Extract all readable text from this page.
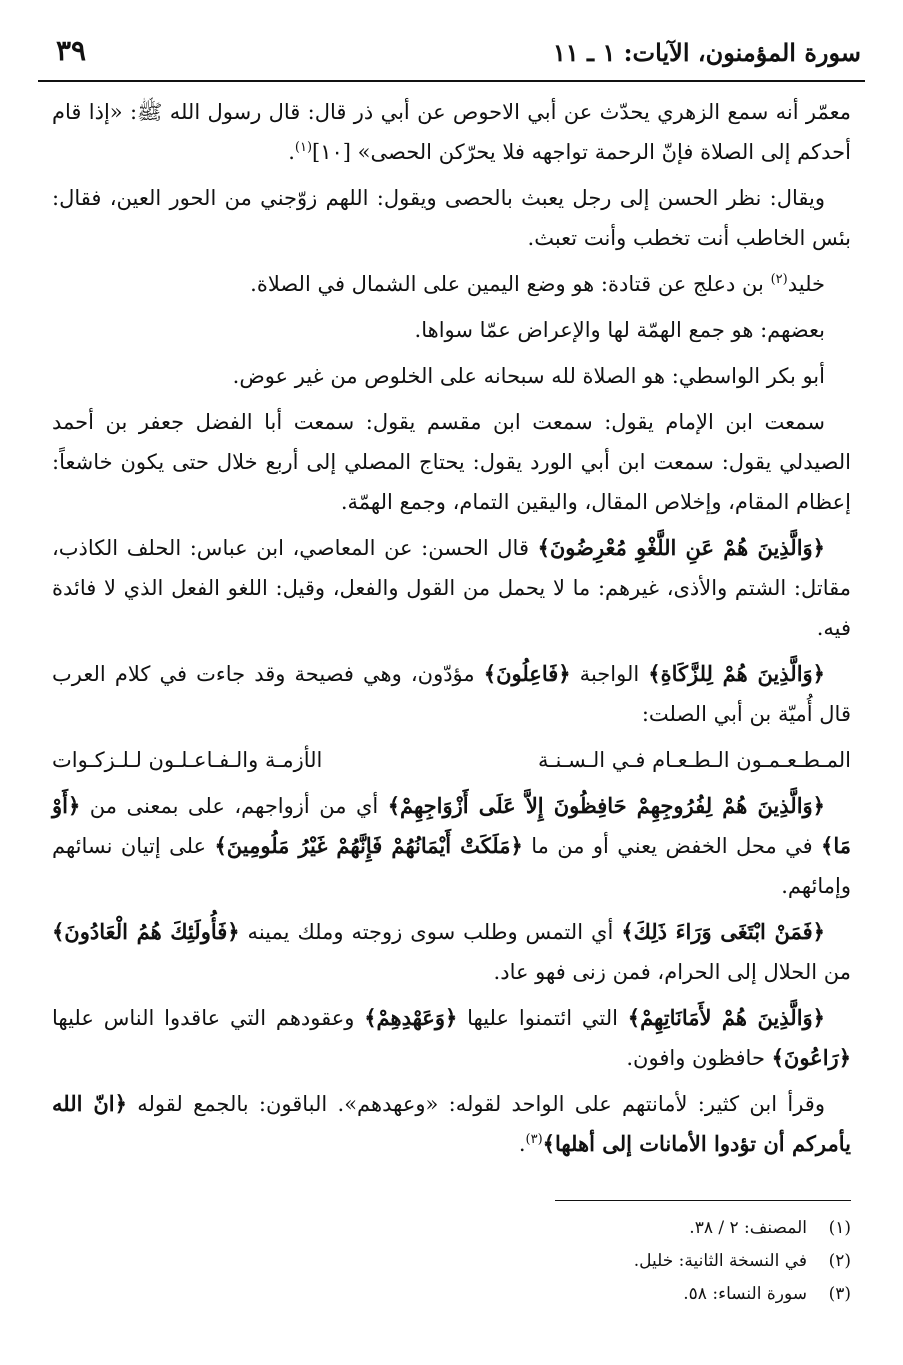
سورة المؤمنون، الآيات: ١ ـ ١١
٣٩

معمّر أنه سمع الزهري يحدّث عن أبي الاحوص عن أبي ذر قال: قال رسول الله ﷺ: «إذا قام أحدكم إلى الصلاة فإنّ الرحمة تواجهه فلا يحرّكن الحصى» [١٠]$^{(١)}$.

ويقال: نظر الحسن إلى رجل يعبث بالحصى ويقول: اللهم زوّجني من الحور العين، فقال: بئس الخاطب أنت تخطب وأنت تعبث.

خليد$^{(٢)}$ بن دعلج عن قتادة: هو وضع اليمين على الشمال في الصلاة.

بعضهم: هو جمع الهمّة لها والإعراض عمّا سواها.

أبو بكر الواسطي: هو الصلاة لله سبحانه على الخلوص من غير عوض.

سمعت ابن الإمام يقول: سمعت ابن مقسم يقول: سمعت أبا الفضل جعفر بن أحمد الصيدلي يقول: سمعت ابن أبي الورد يقول: يحتاج المصلي إلى أربع خلال حتى يكون خاشعاً: إعظام المقام، وإخلاص المقال، واليقين التمام، وجمع الهمّة.

﴿وَالَّذِينَ هُمْ عَنِ اللَّغْوِ مُعْرِضُونَ﴾ قال الحسن: عن المعاصي، ابن عباس: الحلف الكاذب، مقاتل: الشتم والأذى، غيرهم: ما لا يحمل من القول والفعل، وقيل: اللغو الفعل الذي لا فائدة فيه.

﴿وَالَّذِينَ هُمْ لِلزَّكَاةِ﴾ الواجبة ﴿فَاعِلُونَ﴾ مؤدّون، وهي فصيحة وقد جاءت في كلام العرب قال أُميّة بن أبي الصلت:

المـطـعـمـون الـطـعـام فـي الـسـنـة
الأزمـة والـفـاعـلـون لـلـزكـوات

﴿وَالَّذِينَ هُمْ لِفُرُوجِهِمْ حَافِظُونَ إِلاَّ عَلَى أَزْوَاجِهِمْ﴾ أي من أزواجهم، على بمعنى من ﴿أَوْ مَا﴾ في محل الخفض يعني أو من ما ﴿مَلَكَتْ أَيْمَانُهُمْ فَإِنَّهُمْ غَيْرُ مَلُومِينَ﴾ على إتيان نسائهم وإمائهم.

﴿فَمَنْ ابْتَغَى وَرَاءَ ذَلِكَ﴾ أي التمس وطلب سوى زوجته وملك يمينه ﴿فَأُولَئِكَ هُمُ الْعَادُونَ﴾ من الحلال إلى الحرام، فمن زنى فهو عاد.

﴿وَالَّذِينَ هُمْ لأَمَانَاتِهِمْ﴾ التي ائتمنوا عليها ﴿وَعَهْدِهِمْ﴾ وعقودهم التي عاقدوا الناس عليها ﴿رَاعُونَ﴾ حافظون وافون.

وقرأ ابن كثير: لأمانتهم على الواحد لقوله: «وعهدهم». الباقون: بالجمع لقوله ﴿انّ الله يأمركم أن تؤدوا الأمانات إلى أهلها﴾$^{(٣)}$.

(١)
المصنف: ٢ / ٣٨.
(٢)
في النسخة الثانية: خليل.
(٣)
سورة النساء: ٥٨.
